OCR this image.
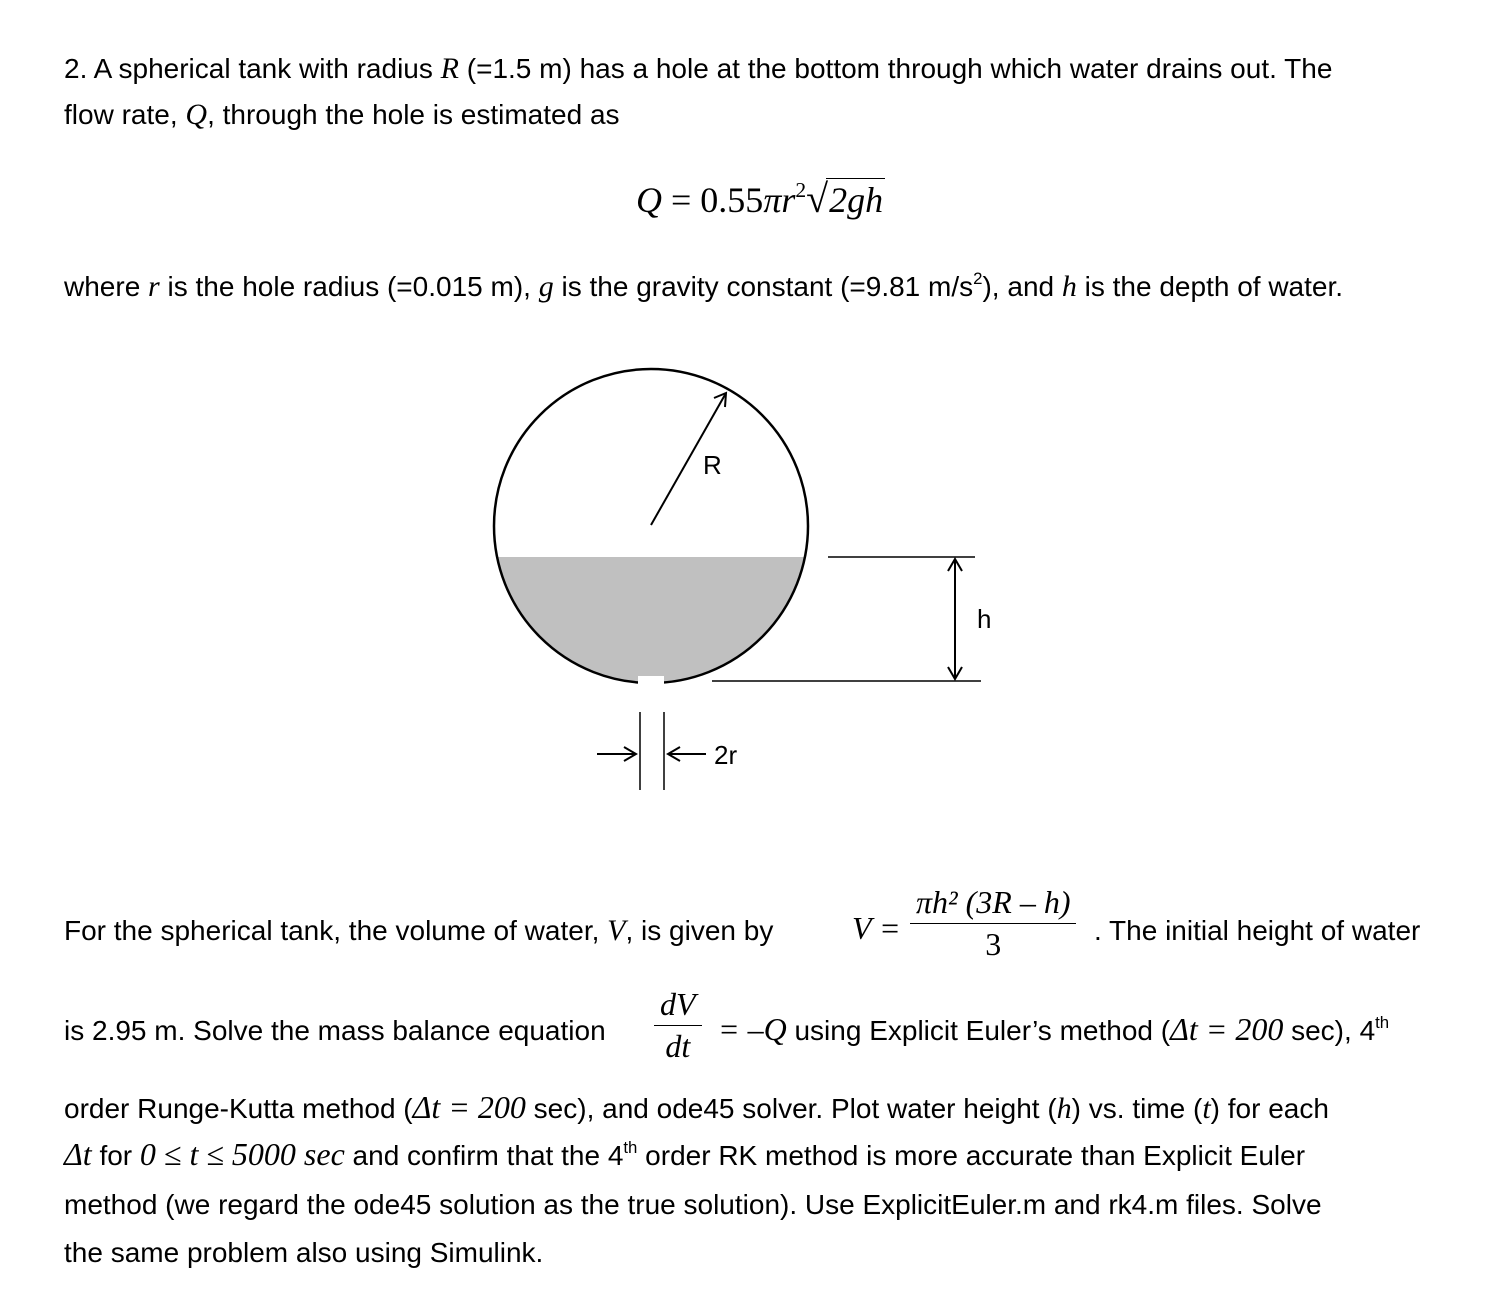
2. A spherical tank with radius R (=1.5 m) has a hole at the bottom through which water drains out. The
flow rate, Q, through the hole is estimated as
$Q = 0.55\pi r^2√2gh$
where r is the hole radius (=0.015 m), g is the gravity constant (=9.81 $m/s^2$), and h is the depth of water.
R
h
2r
For the spherical tank, the volume of water, V, is given by $V = \frac{\text{πh² (3R – h)}}{3}$ . The initial height of water
is 2.95 m. Solve the mass balance equation $\frac{dV}{dt} = -Q$ using Explicit Euler’s method (Δt = 200 sec), 4th
order Runge-Kutta method (Δt = 200 sec), and ode45 solver. Plot water height (h) vs. time (t) for each
Δt for 0 ≤ t ≤ 5000 sec and confirm that the 4th order RK method is more accurate than Explicit Euler
method (we regard the ode45 solution as the true solution). Use ExplicitEuler.m and rk4.m files. Solve
the same problem also using Simulink.
